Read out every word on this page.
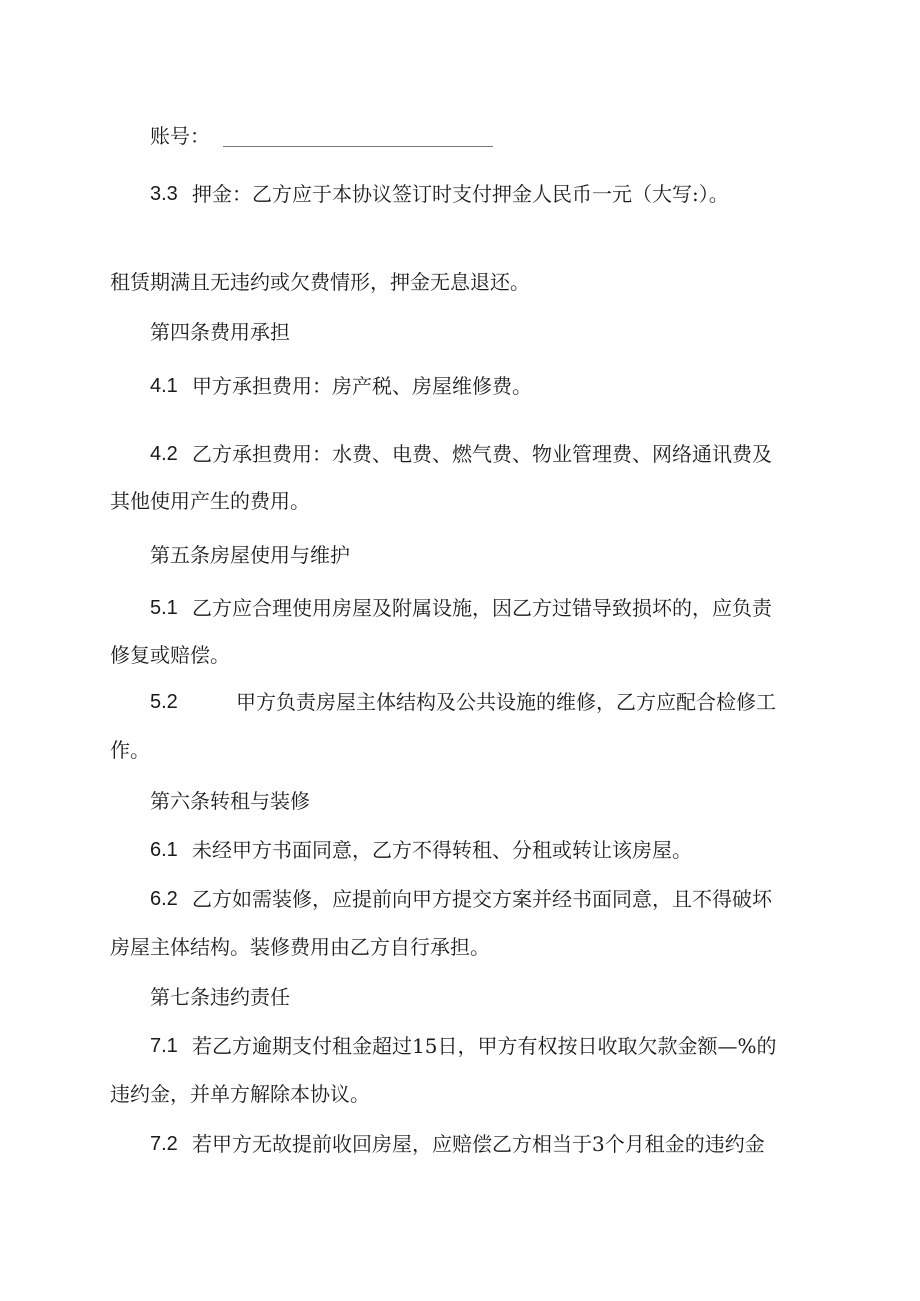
账号：
3.3 押金：乙方应于本协议签订时支付押金人民币一元（大写:）。
租赁期满且无违约或欠费情形，押金无息退还。
第四条费用承担
4.1 甲方承担费用：房产税、房屋维修费。
4.2 乙方承担费用：水费、电费、燃气费、物业管理费、网络通讯费及
其他使用产生的费用。
第五条房屋使用与维护
5.1 乙方应合理使用房屋及附属设施，因乙方过错导致损坏的，应负责
修复或赔偿。
5.2	甲方负责房屋主体结构及公共设施的维修，乙方应配合检修工
作。
第六条转租与装修
6.1 未经甲方书面同意，乙方不得转租、分租或转让该房屋。
6.2 乙方如需装修，应提前向甲方提交方案并经书面同意，且不得破坏
房屋主体结构。装修费用由乙方自行承担。
第七条违约责任
7.1 若乙方逾期支付租金超过15日，甲方有权按日收取欠款金额—%的
违约金，并单方解除本协议。
7.2 若甲方无故提前收回房屋，应赔偿乙方相当于3个月租金的违约金
